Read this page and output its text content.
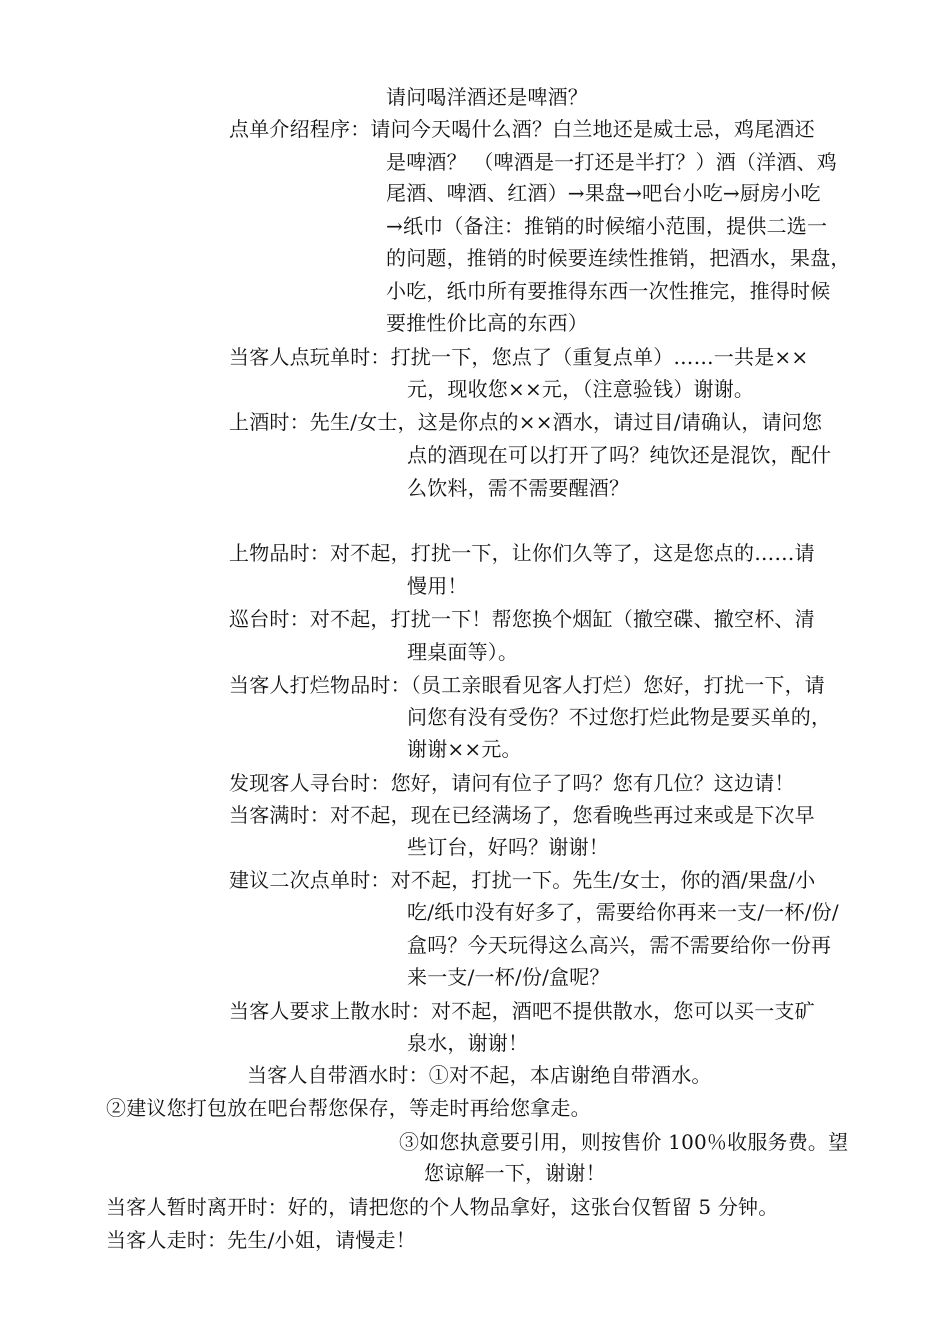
请问喝洋酒还是啤酒？
点单介绍程序：请问今天喝什么酒？白兰地还是威士忌，鸡尾酒还
是啤酒？ （啤酒是一打还是半打？）酒（洋酒、鸡
尾酒、啤酒、红酒）→果盘→吧台小吃→厨房小吃
→纸巾（备注：推销的时候缩小范围，提供二选一
的问题，推销的时候要连续性推销，把酒水，果盘，
小吃，纸巾所有要推得东西一次性推完，推得时候
要推性价比高的东西）
当客人点玩单时：打扰一下，您点了（重复点单）……一共是××
元，现收您××元，（注意验钱）谢谢。
上酒时：先生/女士，这是你点的××酒水，请过目/请确认，请问您
点的酒现在可以打开了吗？纯饮还是混饮，配什
么饮料，需不需要醒酒？
上物品时：对不起，打扰一下，让你们久等了，这是您点的……请
慢用！
巡台时：对不起，打扰一下！帮您换个烟缸（撤空碟、撤空杯、清
理桌面等）。
当客人打烂物品时：（员工亲眼看见客人打烂）您好，打扰一下，请
问您有没有受伤？不过您打烂此物是要买单的，
谢谢××元。
发现客人寻台时：您好，请问有位子了吗？您有几位？这边请！
当客满时：对不起，现在已经满场了，您看晚些再过来或是下次早
些订台，好吗？谢谢！
建议二次点单时：对不起，打扰一下。先生/女士，你的酒/果盘/小
吃/纸巾没有好多了，需要给你再来一支/一杯/份/
盒吗？今天玩得这么高兴，需不需要给你一份再
来一支/一杯/份/盒呢？
当客人要求上散水时：对不起，酒吧不提供散水，您可以买一支矿
泉水，谢谢！
当客人自带酒水时：①对不起，本店谢绝自带酒水。
②建议您打包放在吧台帮您保存，等走时再给您拿走。
③如您执意要引用，则按售价 100％收服务费。望
您谅解一下，谢谢！
当客人暂时离开时：好的，请把您的个人物品拿好，这张台仅暂留 5 分钟。
当客人走时：先生/小姐，请慢走！
